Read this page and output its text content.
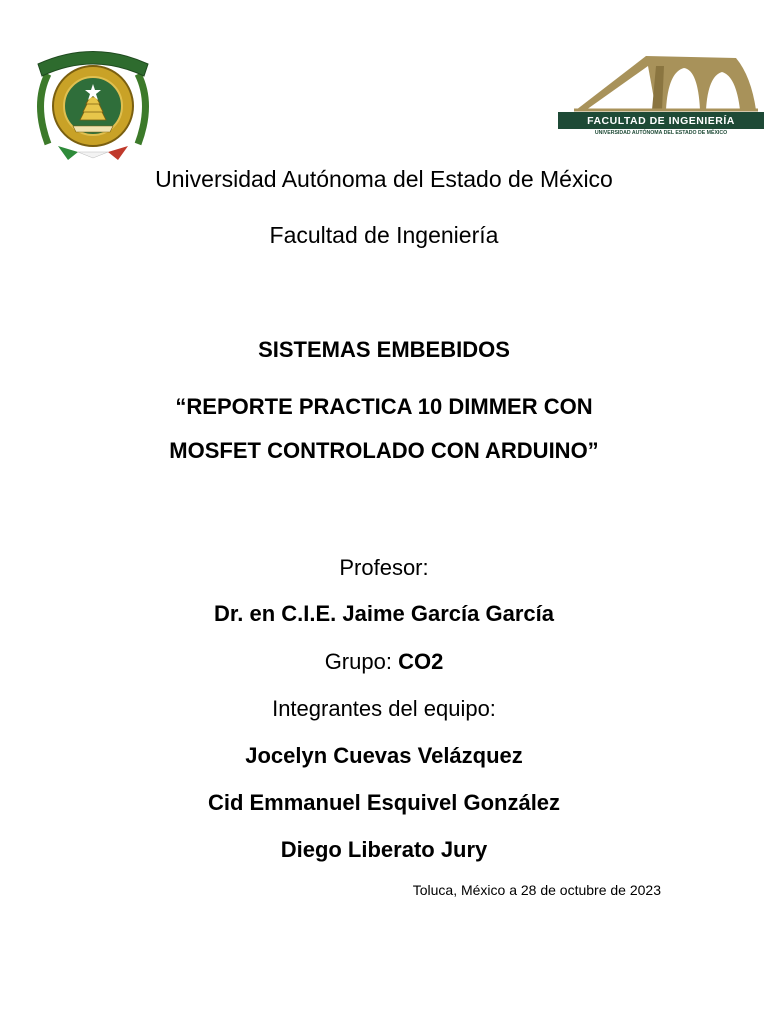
FACULTAD DE INGENIERÍA
UNIVERSIDAD AUTÓNOMA DEL ESTADO DE MÉXICO
Universidad Autónoma del Estado de México
Facultad de Ingeniería
SISTEMAS EMBEBIDOS
“REPORTE PRACTICA 10 DIMMER CON
MOSFET CONTROLADO CON ARDUINO”
Profesor:
Dr. en C.I.E. Jaime García García
Grupo: CO2
Integrantes del equipo:
Jocelyn Cuevas Velázquez
Cid Emmanuel Esquivel González
Diego Liberato Jury
Toluca, México a 28 de octubre de 2023
